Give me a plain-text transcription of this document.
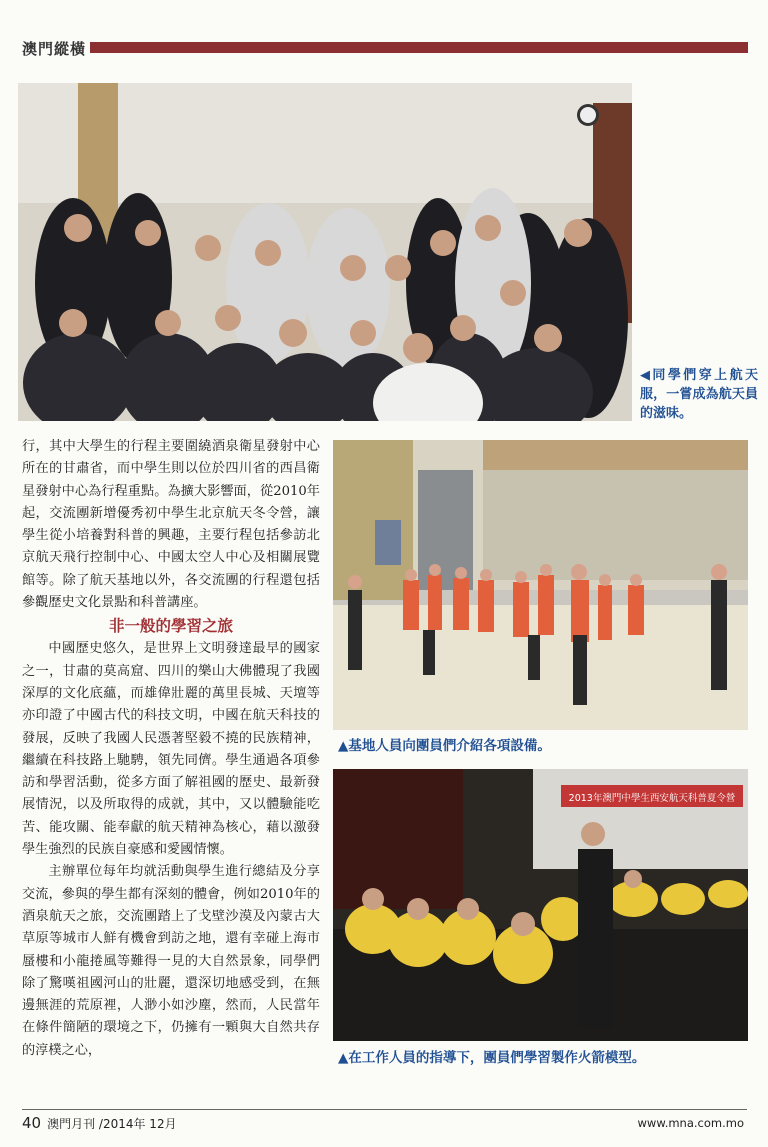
澳門縱橫
◀同學們穿上航天服，一嘗成為航天員的滋味。
▲基地人員向團員們介紹各項設備。
2013年澳門中學生西安航天科普夏令營
▲在工作人員的指導下，團員們學習製作火箭模型。

行，其中大學生的行程主要圍繞酒泉衛星發射中心所在的甘肅省，而中學生則以位於四川省的西昌衛星發射中心為行程重點。為擴大影響面，從2010年起，交流團新增優秀初中學生北京航天冬令營，讓學生從小培養對科普的興趣，主要行程包括參訪北京航天飛行控制中心、中國太空人中心及相關展覽館等。除了航天基地以外，各交流團的行程還包括參觀歷史文化景點和科普講座。

非一般的學習之旅

中國歷史悠久，是世界上文明發達最早的國家之一，甘肅的莫高窟、四川的樂山大佛體現了我國深厚的文化底蘊，而雄偉壯麗的萬里長城、天壇等亦印證了中國古代的科技文明，中國在航天科技的發展，反映了我國人民憑著堅毅不撓的民族精神，繼續在科技路上馳騁，領先同儕。學生通過各項參訪和學習活動，從多方面了解祖國的歷史、最新發展情況，以及所取得的成就，其中，又以體驗能吃苦、能攻關、能奉獻的航天精神為核心，藉以激發學生強烈的民族自豪感和愛國情懷。

主辦單位每年均就活動與學生進行總結及分享交流，參與的學生都有深刻的體會，例如2010年的酒泉航天之旅，交流團踏上了戈壁沙漠及內蒙古大草原等城市人鮮有機會到訪之地，還有幸碰上海市蜃樓和小龍捲風等難得一見的大自然景象，同學們除了驚嘆祖國河山的壯麗，還深切地感受到，在無邊無涯的荒原裡，人渺小如沙塵，然而，人民當年在條件簡陋的環境之下，仍擁有一顆與大自然共存的淳樸之心，

40 澳門月刊 /2014年 12月	www.mna.com.mo
